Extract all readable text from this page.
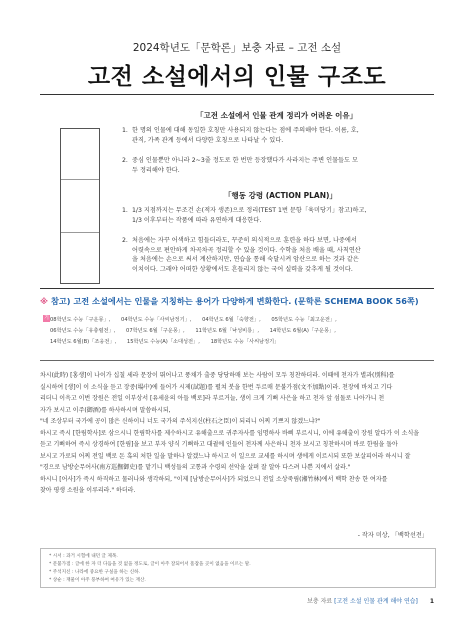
2024학년도「문학론」보충 자료 – 고전 소설
고전 소설에서의 인물 구조도
「고전 소설에서 인물 관계 정리가 어려운 이유」
1. 한 명의 인물에 대해 동일한 호칭만 사용되지 않는다는 점에 주의해야 한다. 이름, 호,
관직, 가족 관계 등에서 다양한 호칭으로 나타날 수 있다.
2. 중심 인물뿐만 아니라 2~3줄 정도로 한 번만 등장했다가 사라지는 주변 인물들도 모
두 정리해야 한다.
「행동 강령 (ACTION PLAN)」
1. 1/3 지점까지는 무조건 손(적자 생존)으로 정리(TEST 1번 문항「육미당기」참고)하고,
1/3 이후부터는 작품에 따라 유연하게 대응한다.
2. 처음에는 자꾸 어색하고 힘들더라도, 꾸준히 의식적으로 훈련을 하다 보면, 나중에서
어렷속으로 편안하게 차곡차곡 정리할 수 있을 것이다. 수학을 처음 배울 때, 사칙연산
을 처음에는 손으로 써서 계산하지만, 연습을 통해 숙달시켜 암산으로 하는 것과 같은
이치이다. 그래야 어떠한 상황에서도 흔들리지 않는 국어 실력을 갖추게 될 것이다.
※ 참고) 고전 소설에서는 인물을 지칭하는 용어가 다양하게 변화한다. (문학론 SCHEMA BOOK 56쪽)
기 08학년도 수능「구운몽」, 04학년도 수능「사씨남정기」, 04학년도 6월「숙향전」, 05학년도 수능「최고운전」,
06학년도 수능「유충렬전」, 07학년도 6월「구운몽」, 11학년도 6월「낙성비룡」, 14학년도 6월(A)「구운몽」,
14학년도 6월(B)「조웅전」, 15학년도 수능(A)「소대성전」, 18학년도 수능「사씨남정기」
차시(此時) [홍생]이 나이가 십칠 세라 문장이 뛰어나고 풍채가 출중 당당하매 보는 사람이 모두 칭찬하더라. 이때에 천자가 별과(別科)를
실시하여 [생]이 이 소식을 듣고 장중(場中)에 들어가 시제(試題)를 펼쳐 붓을 한번 두르매 문불가점(文不加點)이라. 천장에 바치고 기다
리더니 이윽고 이번 장원은 전일 이부상서 [유세윤의 아들 백로]라 부르거늘, 생이 크게 기뻐 사은을 하고 천자 앞 섬돌로 나아가니 천
자가 보시고 이주(御酒)를 하사하시며 말씀하시되,
"네 조상부터 국가에 공이 많은 신하이니 너도 국가의 주석지신(柱石之臣)이 되리니 어찌 기쁘지 않겠느냐?"
하시고 즉시 [한림학사]로 삼으시니 한림학사를 제수하시고 유해출으로 귀주자사를 임명하사 바삐 부르시니, 이에 유해출이 장원 알다가 이 소식을
듣고 기뻐하여 즉시 상경하여 [한림]을 보고 부자 양식 기뻐하고 대궐에 인들어 천자께 사은하니 천자 보시고 칭찬하시며 바로 한림을 돌아
보시고 가로되 어찌 전일 백로 돈 혹의 처한 일을 말하나 알겠느냐 하시고 이 일으로 교세를 하시며 생에게 이르시되 또한 보살피어라 하시니 잘
"경으로 남방순무어사(南方巡撫御史)를 맡기니 백성들의 고통과 수령의 선악을 살펴 잘 알아 다스려 나쁜 지에서 살라."
하시니 [어사]가 즉시 하직하고 물러나와 생각하되, "이제 [남방순무어사]가 되었으니 전일 소상죽림(湘竹林)에서 백학 찬송 한 여자를
찾아 평생 소원을 이루리라." 하더라.
- 작자 미상, 「백학선전」
* 시서 : 과거 시험에 내던 글 제목.
* 문불가점 : 글에 한 자 더 다듬을 것 없을 정도로, 글이 아주 잘되어서 흠잡을 곳이 없음을 이르는 말.
* 주석지신 : 나라에 중요한 구실을 하는 신하.
* 상순 : 재물이 아주 풍부하여 여유가 있는 재산.
보충 자료 [고전 소설 인물 관계 해야 연습] 1
